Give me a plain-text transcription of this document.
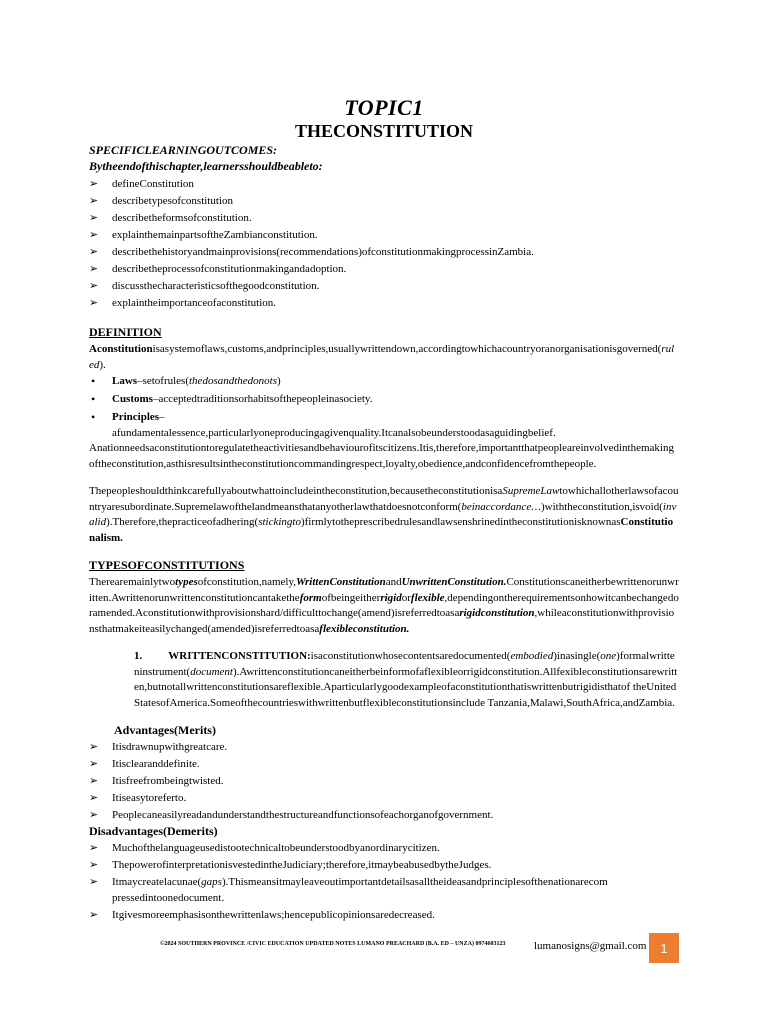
TOPIC1
THECONSTITUTION
SPECIFICLEARNINGOUTCOMES:
Bytheendofthischapter,learnersshouldbeableto:
➢ defineConstitution
➢ describetypesofconstitution
➢ describetheformsofconstitution.
➢ explainthemainpartsoftheZambianconstitution.
➢ describethehistoryandmainprovisions(recommendations)ofconstitutionmakingprocessinZambia.
➢ describetheprocessofconstitutionmakingandadoption.
➢ discussthecharacteristicsofthegoodconstitution.
➢ explaintheimportanceofaconstitution.
DEFINITION

Aconstitutionisasystemoflaws,customs,andprinciples,usuallywrittendown,accordingtowhichacountryoranorganisationisgoverned(ruled).

• Laws–setofrules(thedosandthedonots)
• Customs–acceptedtraditionsorhabitsofthepeopleinasociety.
• Principles–
afundamentalessence,particularlyoneproducingagivenquality.Itcanalsobeunderstoodasaguidingbelief.

Anationneedsaconstitutiontoregulatetheactivitiesandbehaviourofitscitizens.Itis,therefore,importantthatpeopleareinvolvedinthemakingoftheconstitution,asthisresultsintheconstitutioncommandingrespect,loyalty,obedience,andconfidencefromthepeople.

Thepeopleshouldthinkcarefullyaboutwhattoincludeintheconstitution,becausetheconstitutionisaSupremeLawtowhichallotherlawsofacountryaresubordinate.Supremelawofthelandmeansthatanyotherlawthatdoesnotconform(beinaccordance…)withtheconstitution,isvoid(invalid).Therefore,thepracticeofadhering(stickingto)firmlytotheprescribedrulesandlawsenshrinedintheconstitutionisknownasConstitutionalism.

TYPESOFCONSTITUTIONS

Therearemainlytwotypesofconstitution,namely,WrittenConstitutionandUnwrittenConstitution.Constitutionscaneitherbewrittenorunwritten.Awrittenorunwrittenconstitutioncantaketheformofbeingeitherrigidorflexible,dependingontherequirementsonhowitcanbechangedoramended.Aconstitutionwithprovisionshard/difficulttochange(amend)isreferredtoasarigidconstitution,whileaconstitutionwithprovisionsthatmakeiteasilychanged(amended)isreferredtoasaflexibleconstitution.

1. WRITTENCONSTITUTION:isaconstitutionwhosecontentsaredocumented(embodied)inasingle(one)formalwritteninstrument(document).Awrittenconstitutioncaneitherbeinformofaflexibleorrigidconstitution.Allfexibleconstitutionsarewritten,butnotallwrittenconstitutionsareflexible.Aparticularlygoodexampleofaconstitutionthatiswrittenbutrigidisthatof theUnitedStatesofAmerica.Someofthecountrieswithwrittenbutflexibleconstitutionsinclude Tanzania,Malawi,SouthAfrica,andZambia.

Advantages(Merits)
➢ Itisdrawnupwithgreatcare.
➢ Itisclearanddefinite.
➢ Itisfreefrombeingtwisted.
➢ Itiseasytoreferto.
➢ Peoplecaneasilyreadandunderstandthestructureandfunctionsofeachorganofgovernment.
Disadvantages(Demerits)
➢ Muchofthelanguageusedistootechnicaltobeunderstoodbyanordinarycitizen.
➢ ThepowerofinterpretationisvestedintheJudiciary;therefore,itmaybeabusedbytheJudges.
➢ Itmaycreatelacunae(gaps).Thismeansitmayleaveoutimportantdetailsasalltheideasandprinciplesofthenationarecom
pressedintoonedocument.
➢ Itgivesmoreemphasisonthewrittenlaws;hencepublicopinionsaredecreased.
©2024 SOUTHERN PROVINCE /CIVIC EDUCATION UPDATED NOTES LUMANO PREACHARD (B.A. ED – UNZA) 0974603123	lumanosigns@gmail.com	1
